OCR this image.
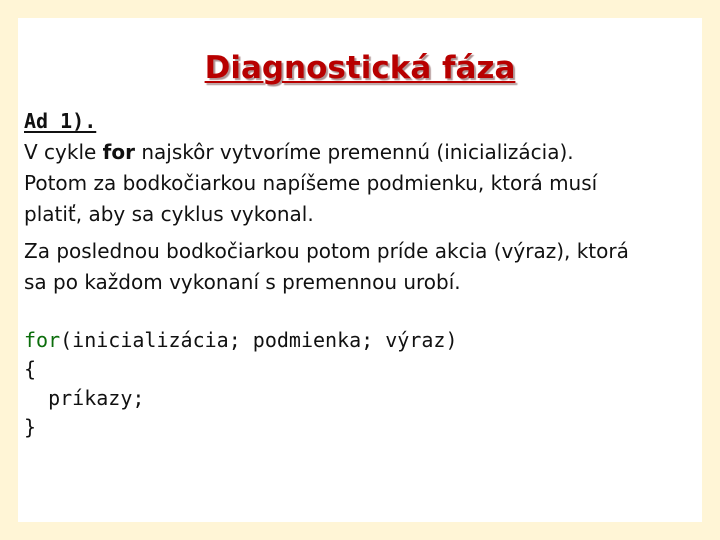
Diagnostická fáza

Ad 1).

V cykle for najskôr vytvoríme premennú (inicializácia).

Potom za bodkočiarkou napíšeme podmienku, ktorá musí

platiť, aby sa cyklus vykonal.

Za poslednou bodkočiarkou potom príde akcia (výraz), ktorá

sa po každom vykonaní s premennou urobí.

for(inicializácia; podmienka; výraz)
{
príkazy;
}
